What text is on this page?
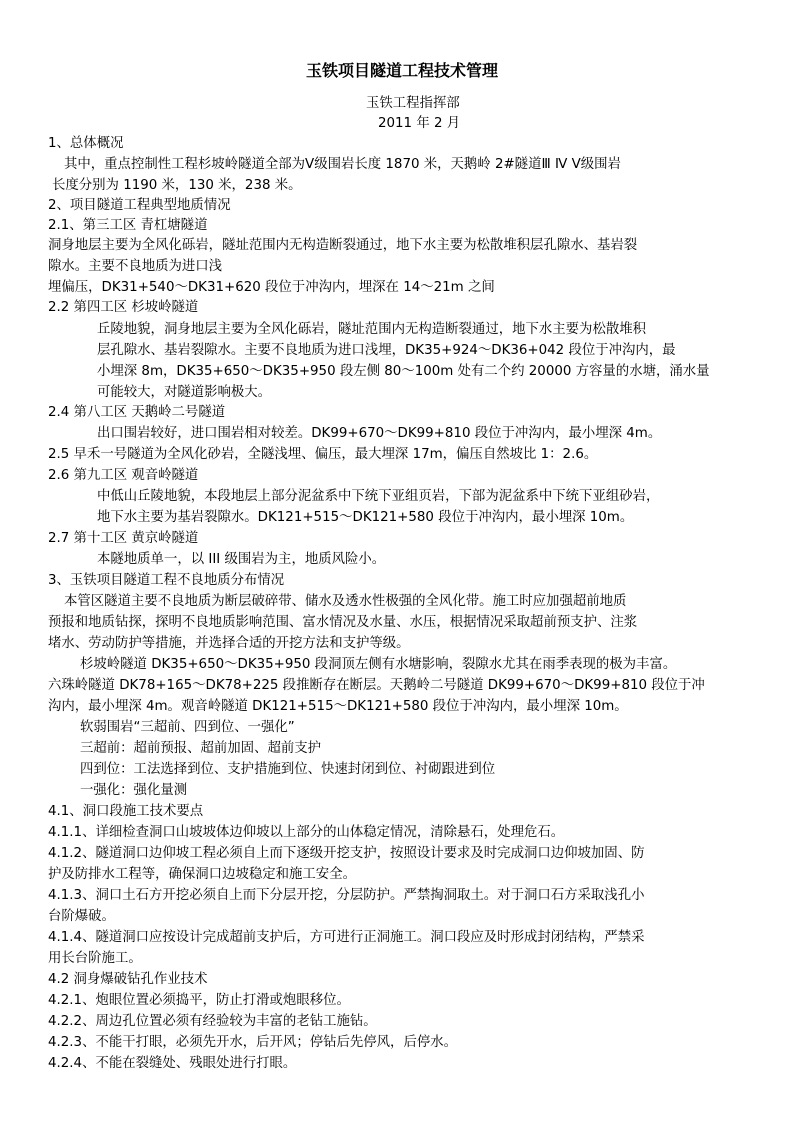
玉铁项目隧道工程技术管理
玉铁工程指挥部
2011 年 2 月
1、总体概况
其中，重点控制性工程杉坡岭隧道全部为Ⅴ级围岩长度 1870 米，天鹅岭 2#隧道Ⅲ Ⅳ Ⅴ级围岩
长度分别为 1190 米，130 米，238 米。
2、项目隧道工程典型地质情况
2.1、第三工区 青杠塘隧道
洞身地层主要为全风化砾岩，隧址范围内无构造断裂通过，地下水主要为松散堆积层孔隙水、基岩裂
隙水。主要不良地质为进口浅
埋偏压，DK31+540～DK31+620 段位于冲沟内，埋深在 14～21m 之间
2.2 第四工区 杉坡岭隧道
丘陵地貌，洞身地层主要为全风化砾岩，隧址范围内无构造断裂通过，地下水主要为松散堆积
层孔隙水、基岩裂隙水。主要不良地质为进口浅埋，DK35+924～DK36+042 段位于冲沟内，最
小埋深 8m，DK35+650～DK35+950 段左侧 80～100m 处有二个约 20000 方容量的水塘，涌水量
可能较大，对隧道影响极大。
2.4 第八工区 天鹅岭二号隧道
出口围岩较好，进口围岩相对较差。DK99+670～DK99+810 段位于冲沟内，最小埋深 4m。
2.5 早禾一号隧道为全风化砂岩，全隧浅埋、偏压，最大埋深 17m，偏压自然坡比 1：2.6。
2.6 第九工区 观音岭隧道
中低山丘陵地貌，本段地层上部分泥盆系中下统下亚组页岩，下部为泥盆系中下统下亚组砂岩，
地下水主要为基岩裂隙水。DK121+515～DK121+580 段位于冲沟内，最小埋深 10m。
2.7 第十工区 黄京岭隧道
本隧地质单一，以 III 级围岩为主，地质风险小。
3、玉铁项目隧道工程不良地质分布情况
本管区隧道主要不良地质为断层破碎带、储水及透水性极强的全风化带。施工时应加强超前地质
预报和地质钻探，探明不良地质影响范围、富水情况及水量、水压，根据情况采取超前预支护、注浆
堵水、劳动防护等措施，并选择合适的开挖方法和支护等级。
杉坡岭隧道 DK35+650～DK35+950 段洞顶左侧有水塘影响，裂隙水尤其在雨季表现的极为丰富。
六珠岭隧道 DK78+165～DK78+225 段推断存在断层。天鹅岭二号隧道 DK99+670～DK99+810 段位于冲
沟内，最小埋深 4m。观音岭隧道 DK121+515～DK121+580 段位于冲沟内，最小埋深 10m。
软弱围岩“三超前、四到位、一强化”
三超前：超前预报、超前加固、超前支护
四到位：工法选择到位、支护措施到位、快速封闭到位、衬砌跟进到位
一强化：强化量测
4.1、洞口段施工技术要点
4.1.1、详细检查洞口山坡坡体边仰坡以上部分的山体稳定情况，清除悬石，处理危石。
4.1.2、隧道洞口边仰坡工程必须自上而下逐级开挖支护，按照设计要求及时完成洞口边仰坡加固、防
护及防排水工程等，确保洞口边坡稳定和施工安全。
4.1.3、洞口土石方开挖必须自上而下分层开挖，分层防护。严禁掏洞取土。对于洞口石方采取浅孔小
台阶爆破。
4.1.4、隧道洞口应按设计完成超前支护后，方可进行正洞施工。洞口段应及时形成封闭结构，严禁采
用长台阶施工。
4.2 洞身爆破钻孔作业技术
4.2.1、炮眼位置必须捣平，防止打滑或炮眼移位。
4.2.2、周边孔位置必须有经验较为丰富的老钻工施钻。
4.2.3、不能干打眼，必须先开水，后开风；停钻后先停风，后停水。
4.2.4、不能在裂缝处、残眼处进行打眼。
